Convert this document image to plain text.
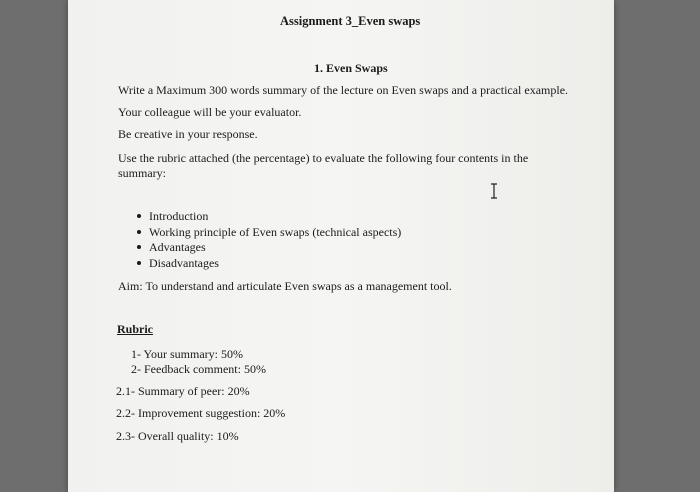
Assignment 3_Even swaps
1. Even Swaps
Write a Maximum 300 words summary of the lecture on Even swaps and a practical example.
Your colleague will be your evaluator.
Be creative in your response.
Use the rubric attached (the percentage) to evaluate the following four contents in the
summary:
Introduction
Working principle of Even swaps (technical aspects)
Advantages
Disadvantages
Aim: To understand and articulate Even swaps as a management tool.
Rubric
1- Your summary: 50%
2- Feedback comment: 50%
2.1- Summary of peer: 20%
2.2- Improvement suggestion: 20%
2.3- Overall quality: 10%
